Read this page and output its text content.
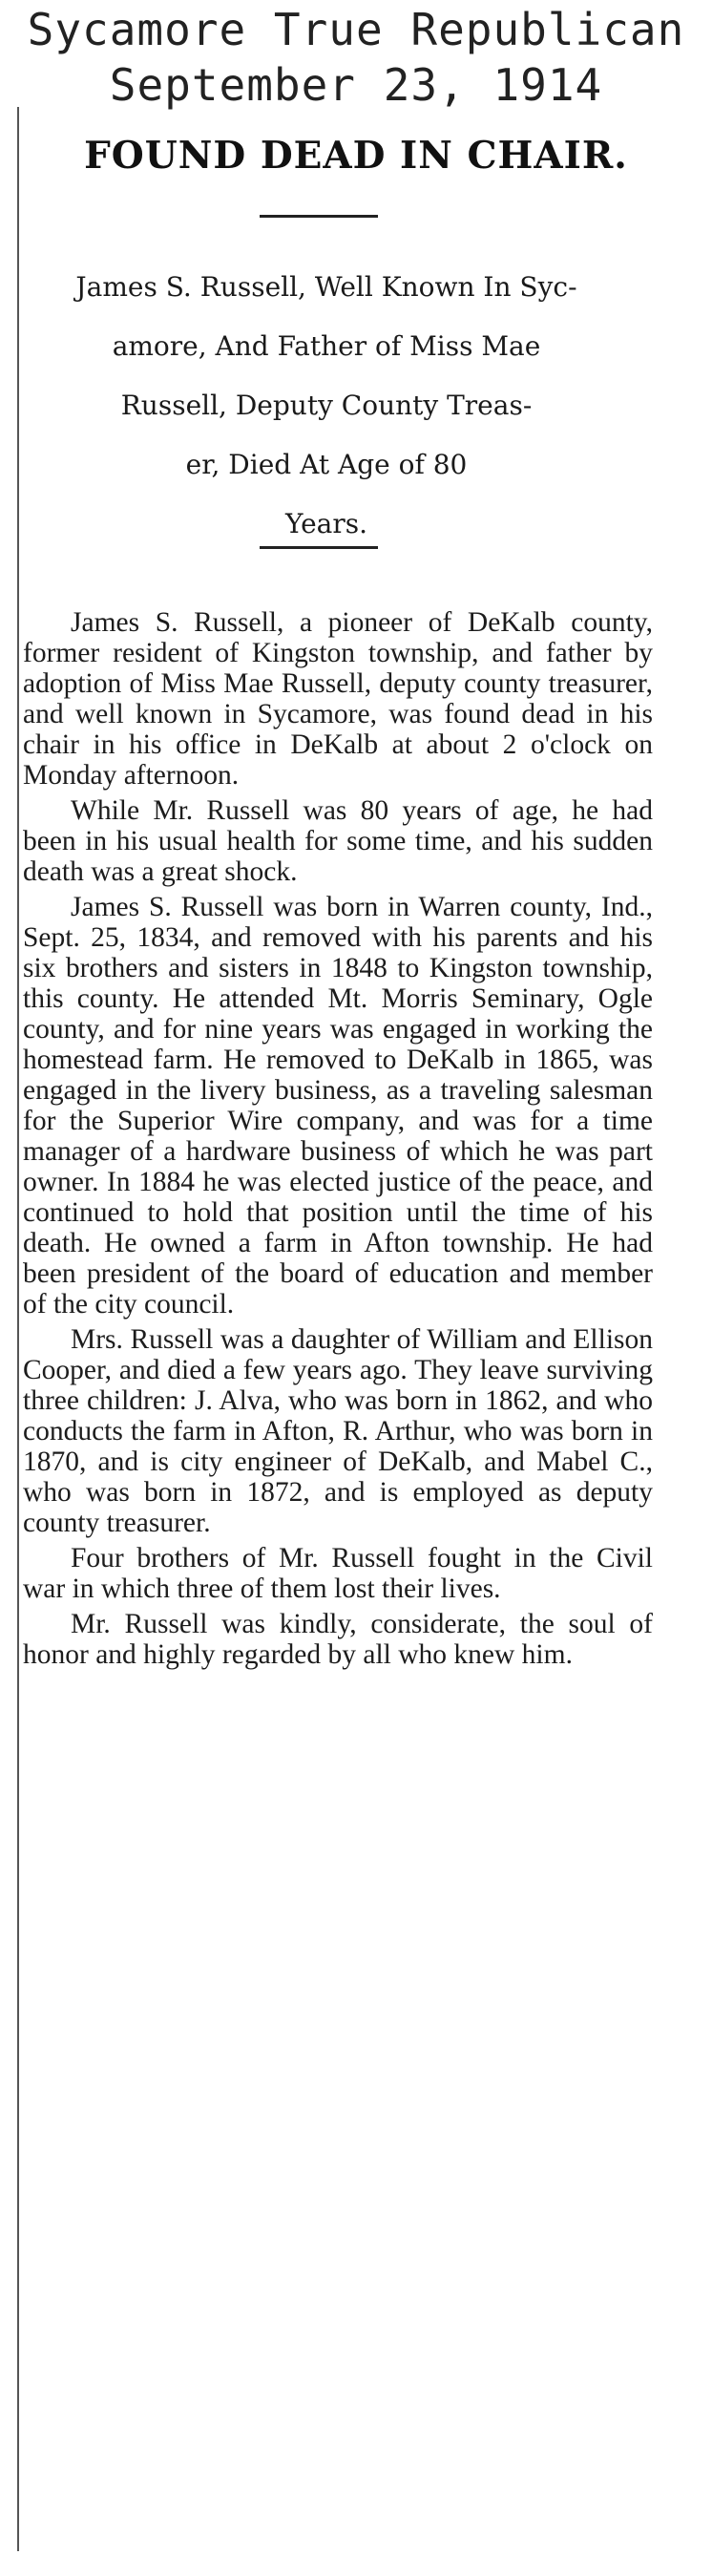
Sycamore True Republican
September 23, 1914
FOUND DEAD IN CHAIR.
James S. Russell, Well Known In Syc-
amore, And Father of Miss Mae
Russell, Deputy County Treas-
er, Died At Age of 80
Years.

James S. Russell, a pioneer of DeKalb county, former resident of Kingston township, and father by adoption of Miss Mae Russell, deputy county treasurer, and well known in Sycamore, was found dead in his chair in his office in DeKalb at about 2 o'clock on Monday afternoon.

While Mr. Russell was 80 years of age, he had been in his usual health for some time, and his sudden death was a great shock.

James S. Russell was born in Warren county, Ind., Sept. 25, 1834, and removed with his parents and his six brothers and sisters in 1848 to Kingston township, this county. He attended Mt. Morris Seminary, Ogle county, and for nine years was engaged in working the homestead farm. He removed to DeKalb in 1865, was engaged in the livery business, as a traveling salesman for the Superior Wire company, and was for a time manager of a hardware business of which he was part owner. In 1884 he was elected justice of the peace, and continued to hold that position until the time of his death. He owned a farm in Afton township. He had been president of the board of education and member of the city council.

Mrs. Russell was a daughter of William and Ellison Cooper, and died a few years ago. They leave surviving three children: J. Alva, who was born in 1862, and who conducts the farm in Afton, R. Arthur, who was born in 1870, and is city engineer of DeKalb, and Mabel C., who was born in 1872, and is employed as deputy county treasurer.

Four brothers of Mr. Russell fought in the Civil war in which three of them lost their lives.

Mr. Russell was kindly, considerate, the soul of honor and highly regarded by all who knew him.
